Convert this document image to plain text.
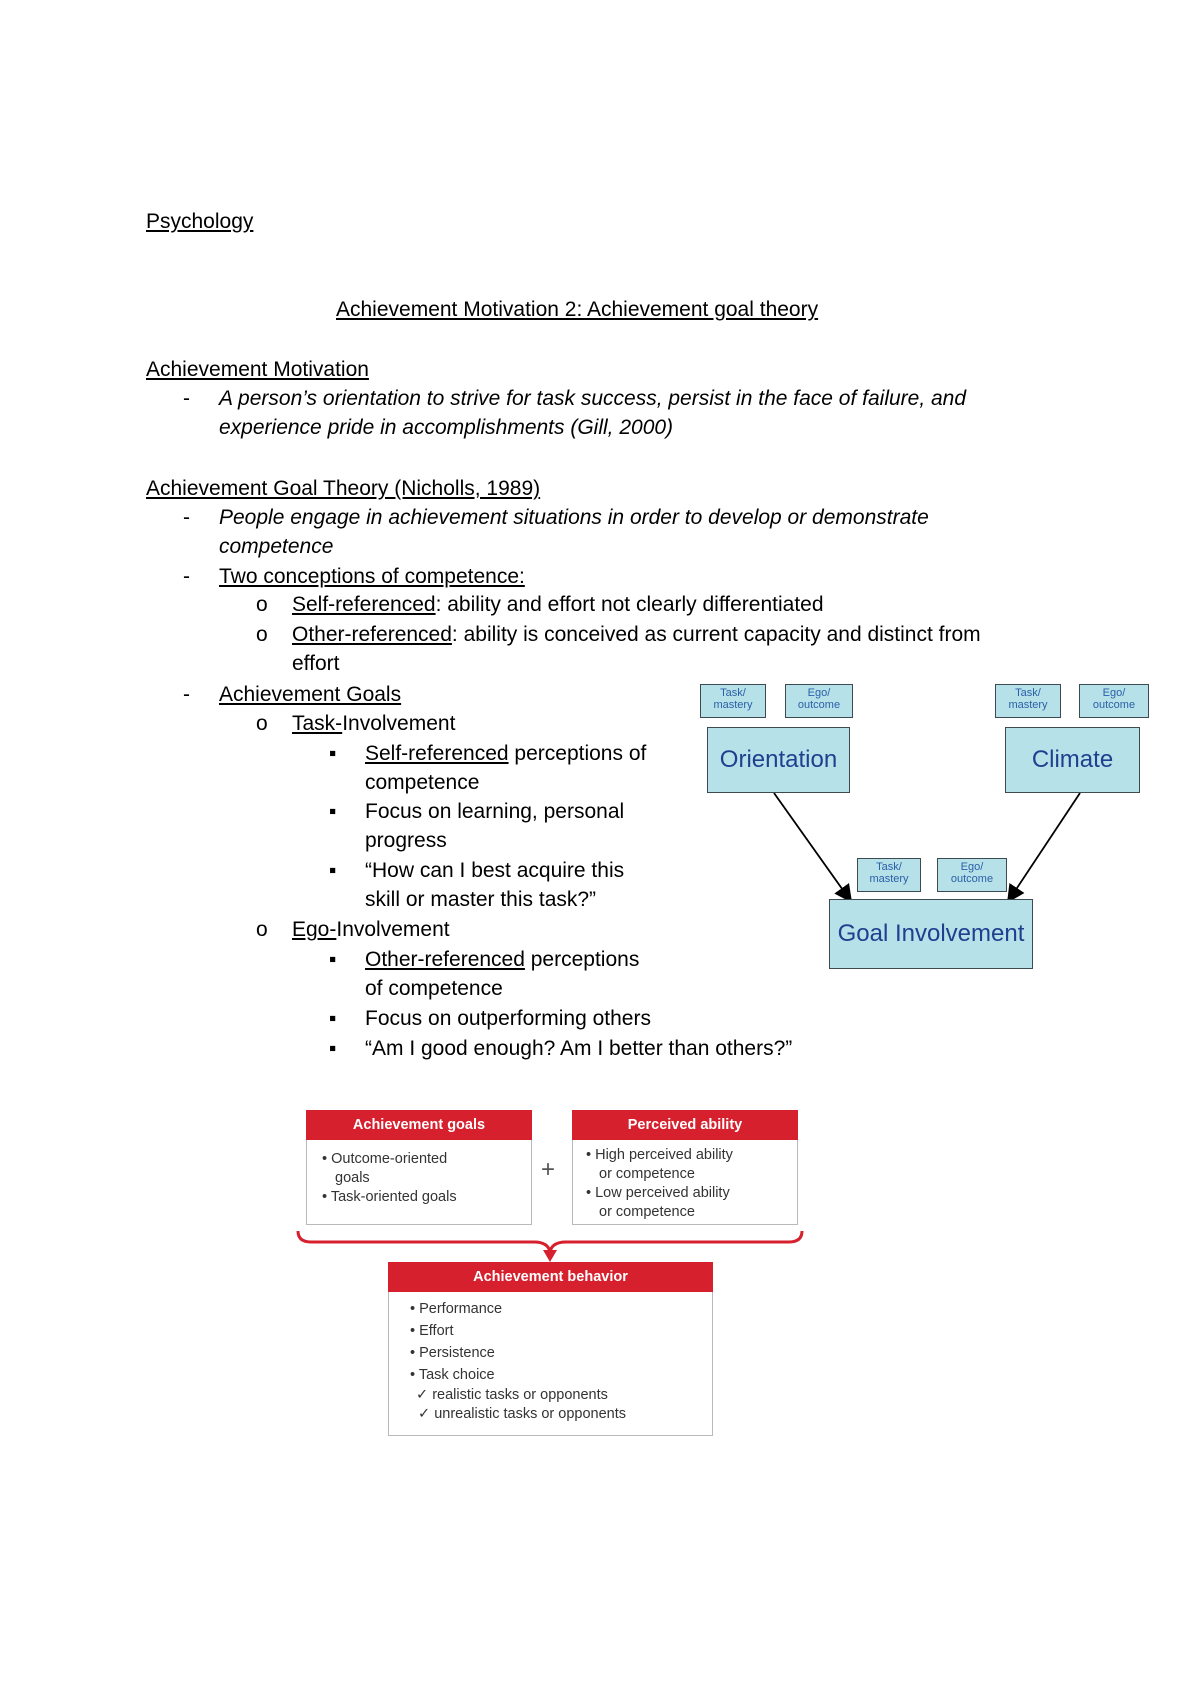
Psychology
Achievement Motivation 2: Achievement goal theory
Achievement Motivation
- A person’s orientation to strive for task success, persist in the face of failure, and
experience pride in accomplishments (Gill, 2000)
Achievement Goal Theory (Nicholls, 1989)
- People engage in achievement situations in order to develop or demonstrate
competence
- Two conceptions of competence:
o Self-referenced: ability and effort not clearly differentiated
o Other-referenced: ability is conceived as current capacity and distinct from
effort
- Achievement Goals
o Task-Involvement
▪ Self-referenced perceptions of
competence
▪ Focus on learning, personal
progress
▪ “How can I best acquire this
skill or master this task?”
o Ego-Involvement
▪ Other-referenced perceptions
of competence
▪ Focus on outperforming others
▪ “Am I good enough? Am I better than others?”
Task/
mastery
Ego/
outcome
Task/
mastery
Ego/
outcome
Orientation	Climate
Task/
mastery
Ego/
outcome
Goal Involvement
Achievement goals
• Outcome-oriented
goals
• Task-oriented goals
+
Perceived ability
• High perceived ability
or competence
• Low perceived ability
or competence
Achievement behavior
• Performance
• Effort
• Persistence
• Task choice
✓ realistic tasks or opponents
✓ unrealistic tasks or opponents
